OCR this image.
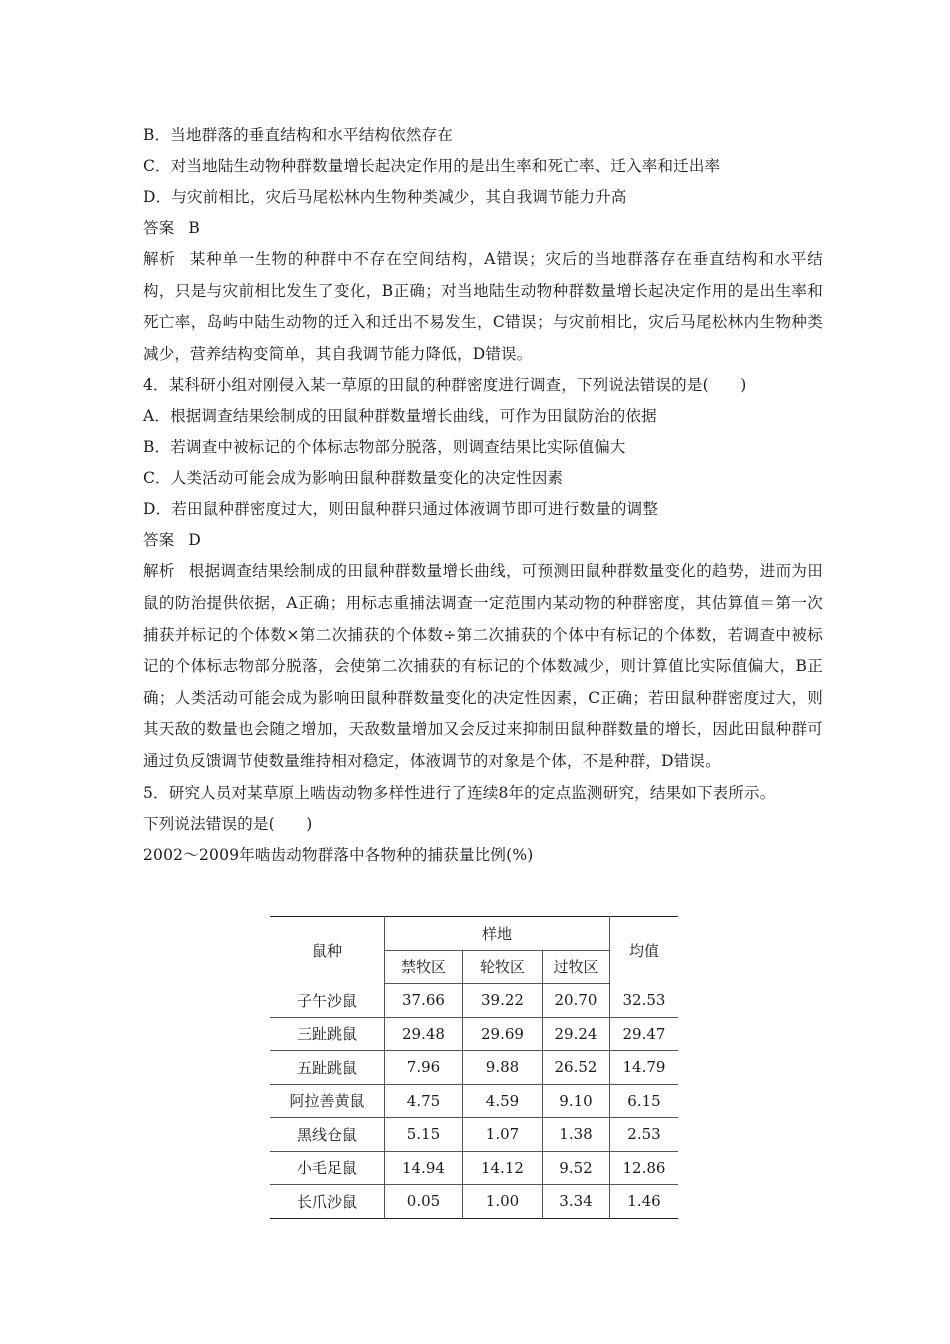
B．当地群落的垂直结构和水平结构依然存在
C．对当地陆生动物种群数量增长起决定作用的是出生率和死亡率、迁入率和迁出率
D．与灾前相比，灾后马尾松林内生物种类减少，其自我调节能力升高
答案 B
解析 某种单一生物的种群中不存在空间结构，A错误；灾后的当地群落存在垂直结构和水平结构，只是与灾前相比发生了变化，B正确；对当地陆生动物种群数量增长起决定作用的是出生率和死亡率，岛屿中陆生动物的迁入和迁出不易发生，C错误；与灾前相比，灾后马尾松林内生物种类减少，营养结构变简单，其自我调节能力降低，D错误。
4．某科研小组对刚侵入某一草原的田鼠的种群密度进行调查，下列说法错误的是(　　)
A．根据调查结果绘制成的田鼠种群数量增长曲线，可作为田鼠防治的依据
B．若调查中被标记的个体标志物部分脱落，则调查结果比实际值偏大
C．人类活动可能会成为影响田鼠种群数量变化的决定性因素
D．若田鼠种群密度过大，则田鼠种群只通过体液调节即可进行数量的调整
答案 D
解析 根据调查结果绘制成的田鼠种群数量增长曲线，可预测田鼠种群数量变化的趋势，进而为田鼠的防治提供依据，A正确；用标志重捕法调查一定范围内某动物的种群密度，其估算值＝第一次捕获并标记的个体数×第二次捕获的个体数÷第二次捕获的个体中有标记的个体数，若调查中被标记的个体标志物部分脱落，会使第二次捕获的有标记的个体数减少，则计算值比实际值偏大，B正确；人类活动可能会成为影响田鼠种群数量变化的决定性因素，C正确；若田鼠种群密度过大，则其天敌的数量也会随之增加，天敌数量增加又会反过来抑制田鼠种群数量的增长，因此田鼠种群可通过负反馈调节使数量维持相对稳定，体液调节的对象是个体，不是种群，D错误。
5．研究人员对某草原上啮齿动物多样性进行了连续8年的定点监测研究，结果如下表所示。
下列说法错误的是(　　)
2002～2009年啮齿动物群落中各物种的捕获量比例(%)
鼠种	样地			均值
	禁牧区	轮牧区	过牧区	
子午沙鼠	37.66	39.22	20.70	32.53
三趾跳鼠	29.48	29.69	29.24	29.47
五趾跳鼠	7.96	9.88	26.52	14.79
阿拉善黄鼠	4.75	4.59	9.10	6.15
黑线仓鼠	5.15	1.07	1.38	2.53
小毛足鼠	14.94	14.12	9.52	12.86
长爪沙鼠	0.05	1.00	3.34	1.46
